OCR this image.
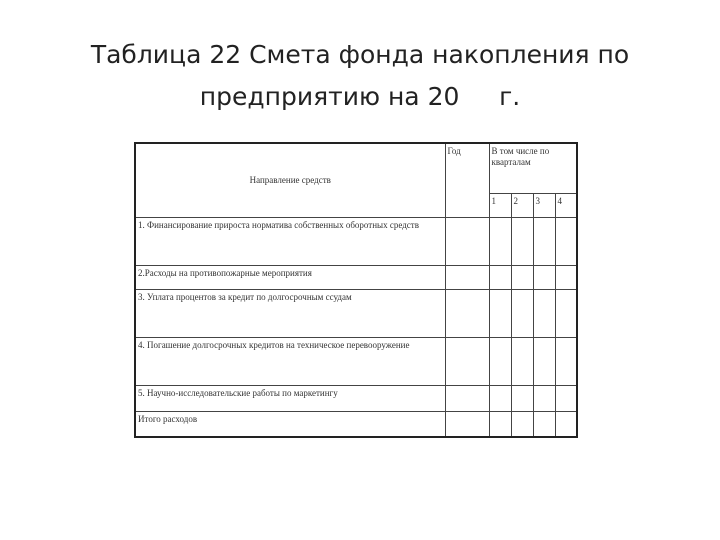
Таблица 22 Смета фонда накопления по
предприятию на 20     г.
Направление средств	Год	В том числе по кварталам			
		1	2	3	4
1. Финансирование прироста норматива собственных оборотных средств					
2.Расходы на противопожарные мероприятия					
3. Уплата процентов за кредит по долгосрочным ссудам					
4. Погашение долгосрочных кредитов на техническое перевооружение					
5. Научно-исследовательские работы по маркетингу					
Итого расходов					
